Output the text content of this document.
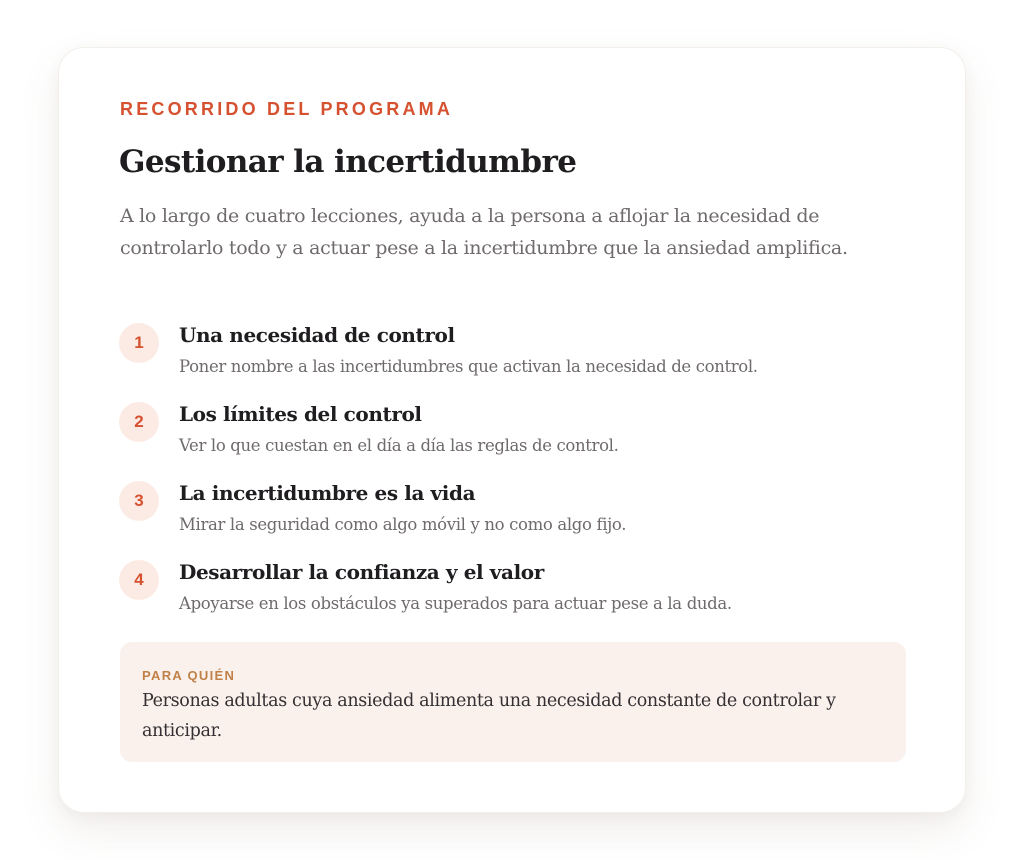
RECORRIDO DEL PROGRAMA
Gestionar la incertidumbre

A lo largo de cuatro lecciones, ayuda a la persona a aflojar la necesidad de controlarlo todo y a actuar pese a la incertidumbre que la ansiedad amplifica.

1	Una necesidad de control
Poner nombre a las incertidumbres que activan la necesidad de control.
2	Los límites del control
Ver lo que cuestan en el día a día las reglas de control.
3	La incertidumbre es la vida
Mirar la seguridad como algo móvil y no como algo fijo.
4	Desarrollar la confianza y el valor
Apoyarse en los obstáculos ya superados para actuar pese a la duda.
PARA QUIÉN

Personas adultas cuya ansiedad alimenta una necesidad constante de controlar y anticipar.
